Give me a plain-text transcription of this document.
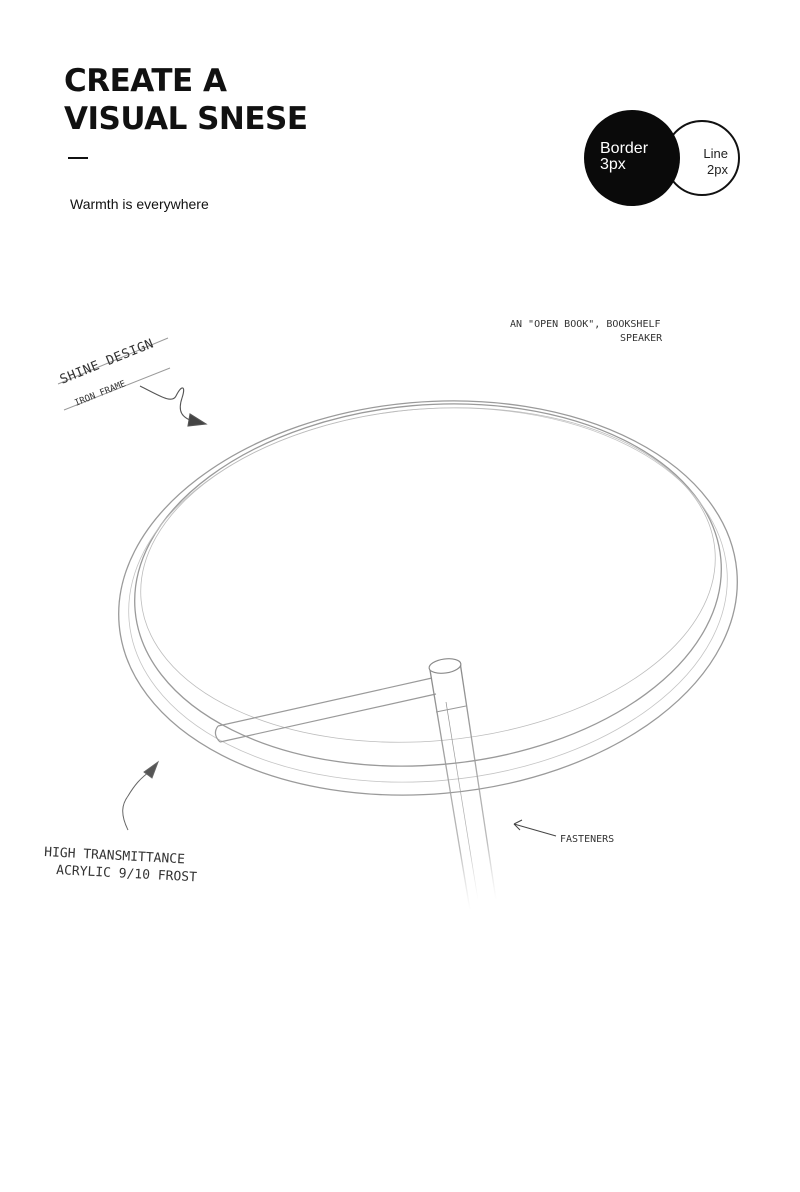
CREATE A
VISUAL SNESE
Warmth is everywhere
Border
3px
Line
2px
SHINE DESIGN
IRON FRAME
AN "OPEN BOOK", BOOKSHELF
SPEAKER
HIGH TRANSMITTANCE
ACRYLIC 9/10 FROST
FASTENERS
